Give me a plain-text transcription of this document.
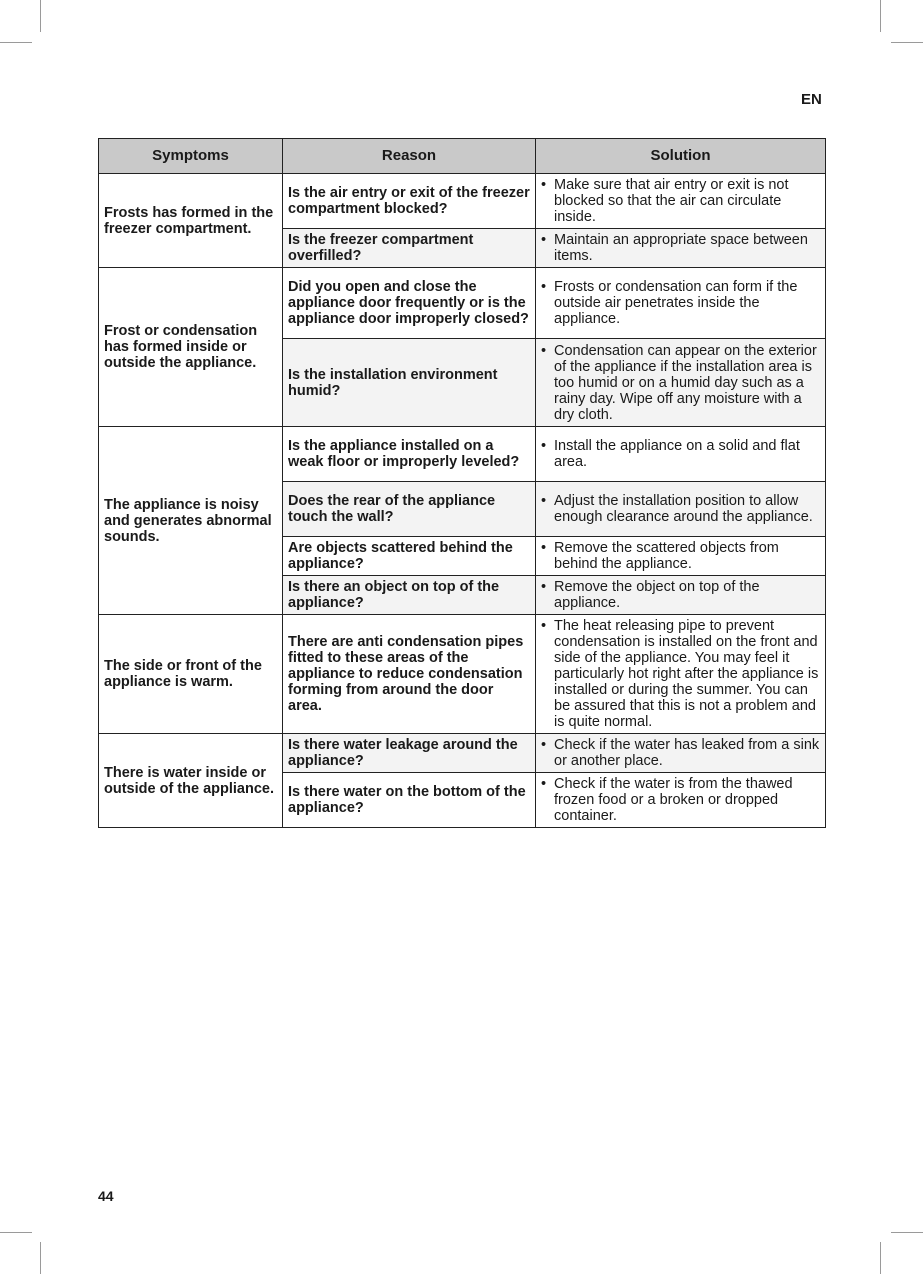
EN
Symptoms	Reason	Solution
Frosts has formed in the freezer compartment.	Is the air entry or exit of the freezer compartment blocked?	• Make sure that air entry or exit is not blocked so that the air can circulate inside.

	Is the freezer compartment overfilled?	• Maintain an appropriate space between items.

Frost or condensation has formed inside or outside the appliance.	Did you open and close the appliance door frequently or is the appliance door improperly closed?	• Frosts or condensation can form if the outside air penetrates inside the appliance.

	Is the installation environment humid?	• Condensation can appear on the exterior of the appliance if the installation area is too humid or on a humid day such as a rainy day. Wipe off any moisture with a dry cloth.

The appliance is noisy and generates abnormal sounds.	Is the appliance installed on a weak floor or improperly leveled?	• Install the appliance on a solid and flat area.

	Does the rear of the appliance touch the wall?	• Adjust the installation position to allow enough clearance around the appliance.

	Are objects scattered behind the appliance?	• Remove the scattered objects from behind the appliance.

	Is there an object on top of the appliance?	• Remove the object on top of the appliance.

The side or front of the appliance is warm.	There are anti condensation pipes fitted to these areas of the appliance to reduce condensation forming from around the door area.	• The heat releasing pipe to prevent condensation is installed on the front and side of the appliance. You may feel it particularly hot right after the appliance is installed or during the summer. You can be assured that this is not a problem and is quite normal.

There is water inside or outside of the appliance.	Is there water leakage around the appliance?	• Check if the water has leaked from a sink or another place.

	Is there water on the bottom of the appliance?	• Check if the water is from the thawed frozen food or a broken or dropped container.
44
